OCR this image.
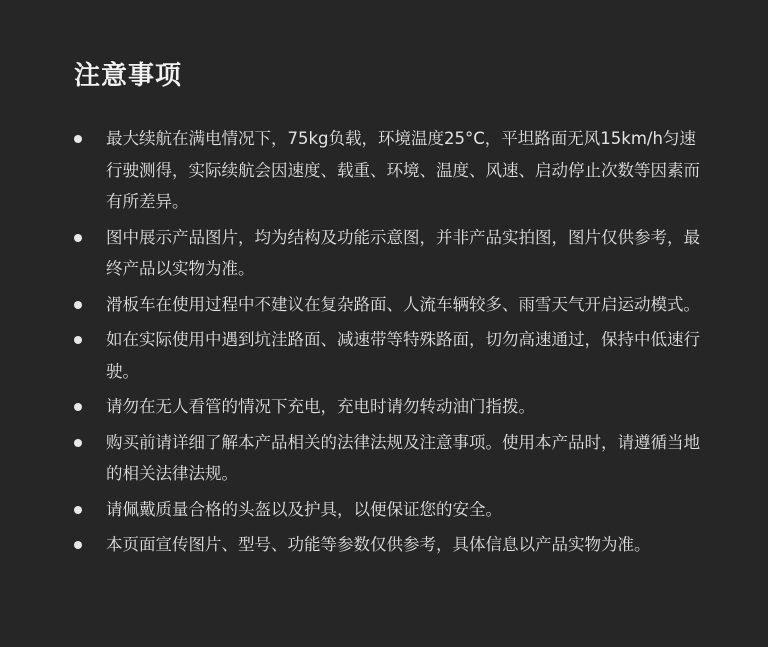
注意事项
最大续航在满电情况下，75kg负载，环境温度25°C，平坦路面无风15km/h匀速行驶测得，实际续航会因速度、载重、环境、温度、风速、启动停止次数等因素而有所差异。
图中展示产品图片，均为结构及功能示意图，并非产品实拍图，图片仅供参考，最终产品以实物为准。
滑板车在使用过程中不建议在复杂路面、人流车辆较多、雨雪天气开启运动模式。
如在实际使用中遇到坑洼路面、减速带等特殊路面，切勿高速通过，保持中低速行驶。
请勿在无人看管的情况下充电，充电时请勿转动油门指拨。
购买前请详细了解本产品相关的法律法规及注意事项。使用本产品时，请遵循当地的相关法律法规。
请佩戴质量合格的头盔以及护具，以便保证您的安全。
本页面宣传图片、型号、功能等参数仅供参考，具体信息以产品实物为准。
